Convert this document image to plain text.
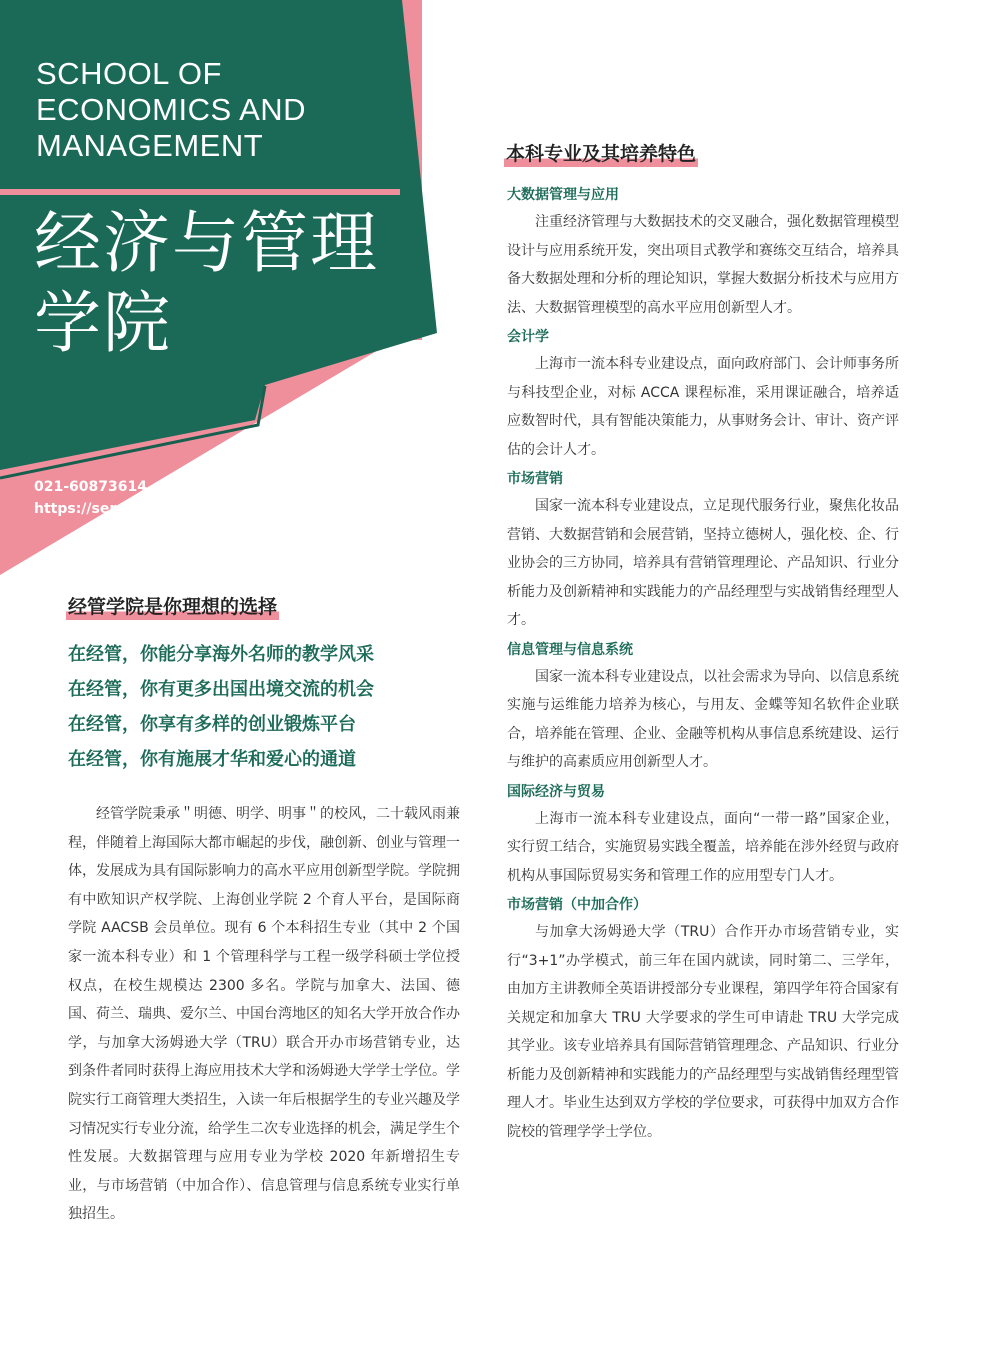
SCHOOL OF
ECONOMICS AND
MANAGEMENT
经济与管理
学院
021-60873614、60873481
https://sem.sit.edu.cn/
经管学院是你理想的选择
在经管，你能分享海外名师的教学风采
在经管，你有更多出国出境交流的机会
在经管，你享有多样的创业锻炼平台
在经管，你有施展才华和爱心的通道

经管学院秉承＂明德、明学、明事＂的校风，二十载风雨兼程，伴随着上海国际大都市崛起的步伐，融创新、创业与管理一体，发展成为具有国际影响力的高水平应用创新型学院。学院拥有中欧知识产权学院、上海创业学院 2 个育人平台，是国际商学院 AACSB 会员单位。现有 6 个本科招生专业（其中 2 个国家一流本科专业）和 1 个管理科学与工程一级学科硕士学位授权点，在校生规模达 2300 多名。学院与加拿大、法国、德国、荷兰、瑞典、爱尔兰、中国台湾地区的知名大学开放合作办学，与加拿大汤姆逊大学（TRU）联合开办市场营销专业，达到条件者同时获得上海应用技术大学和汤姆逊大学学士学位。学院实行工商管理大类招生，入读一年后根据学生的专业兴趣及学习情况实行专业分流，给学生二次专业选择的机会，满足学生个性发展。大数据管理与应用专业为学校 2020 年新增招生专业，与市场营销（中加合作）、信息管理与信息系统专业实行单独招生。

本科专业及其培养特色
大数据管理与应用

注重经济管理与大数据技术的交叉融合，强化数据管理模型设计与应用系统开发，突出项目式教学和赛练交互结合，培养具备大数据处理和分析的理论知识，掌握大数据分析技术与应用方法、大数据管理模型的高水平应用创新型人才。

会计学

上海市一流本科专业建设点，面向政府部门、会计师事务所与科技型企业，对标 ACCA 课程标准，采用课证融合，培养适应数智时代，具有智能决策能力，从事财务会计、审计、资产评估的会计人才。

市场营销

国家一流本科专业建设点，立足现代服务行业，聚焦化妆品营销、大数据营销和会展营销，坚持立德树人，强化校、企、行业协会的三方协同，培养具有营销管理理论、产品知识、行业分析能力及创新精神和实践能力的产品经理型与实战销售经理型人才。

信息管理与信息系统

国家一流本科专业建设点，以社会需求为导向、以信息系统实施与运维能力培养为核心，与用友、金蝶等知名软件企业联合，培养能在管理、企业、金融等机构从事信息系统建设、运行与维护的高素质应用创新型人才。

国际经济与贸易

上海市一流本科专业建设点，面向“一带一路”国家企业，实行贸工结合，实施贸易实践全覆盖，培养能在涉外经贸与政府机构从事国际贸易实务和管理工作的应用型专门人才。

市场营销（中加合作）

与加拿大汤姆逊大学（TRU）合作开办市场营销专业，实行“3+1”办学模式，前三年在国内就读，同时第二、三学年，由加方主讲教师全英语讲授部分专业课程，第四学年符合国家有关规定和加拿大 TRU 大学要求的学生可申请赴 TRU 大学完成其学业。该专业培养具有国际营销管理理念、产品知识、行业分析能力及创新精神和实践能力的产品经理型与实战销售经理型管理人才。毕业生达到双方学校的学位要求，可获得中加双方合作院校的管理学学士学位。
